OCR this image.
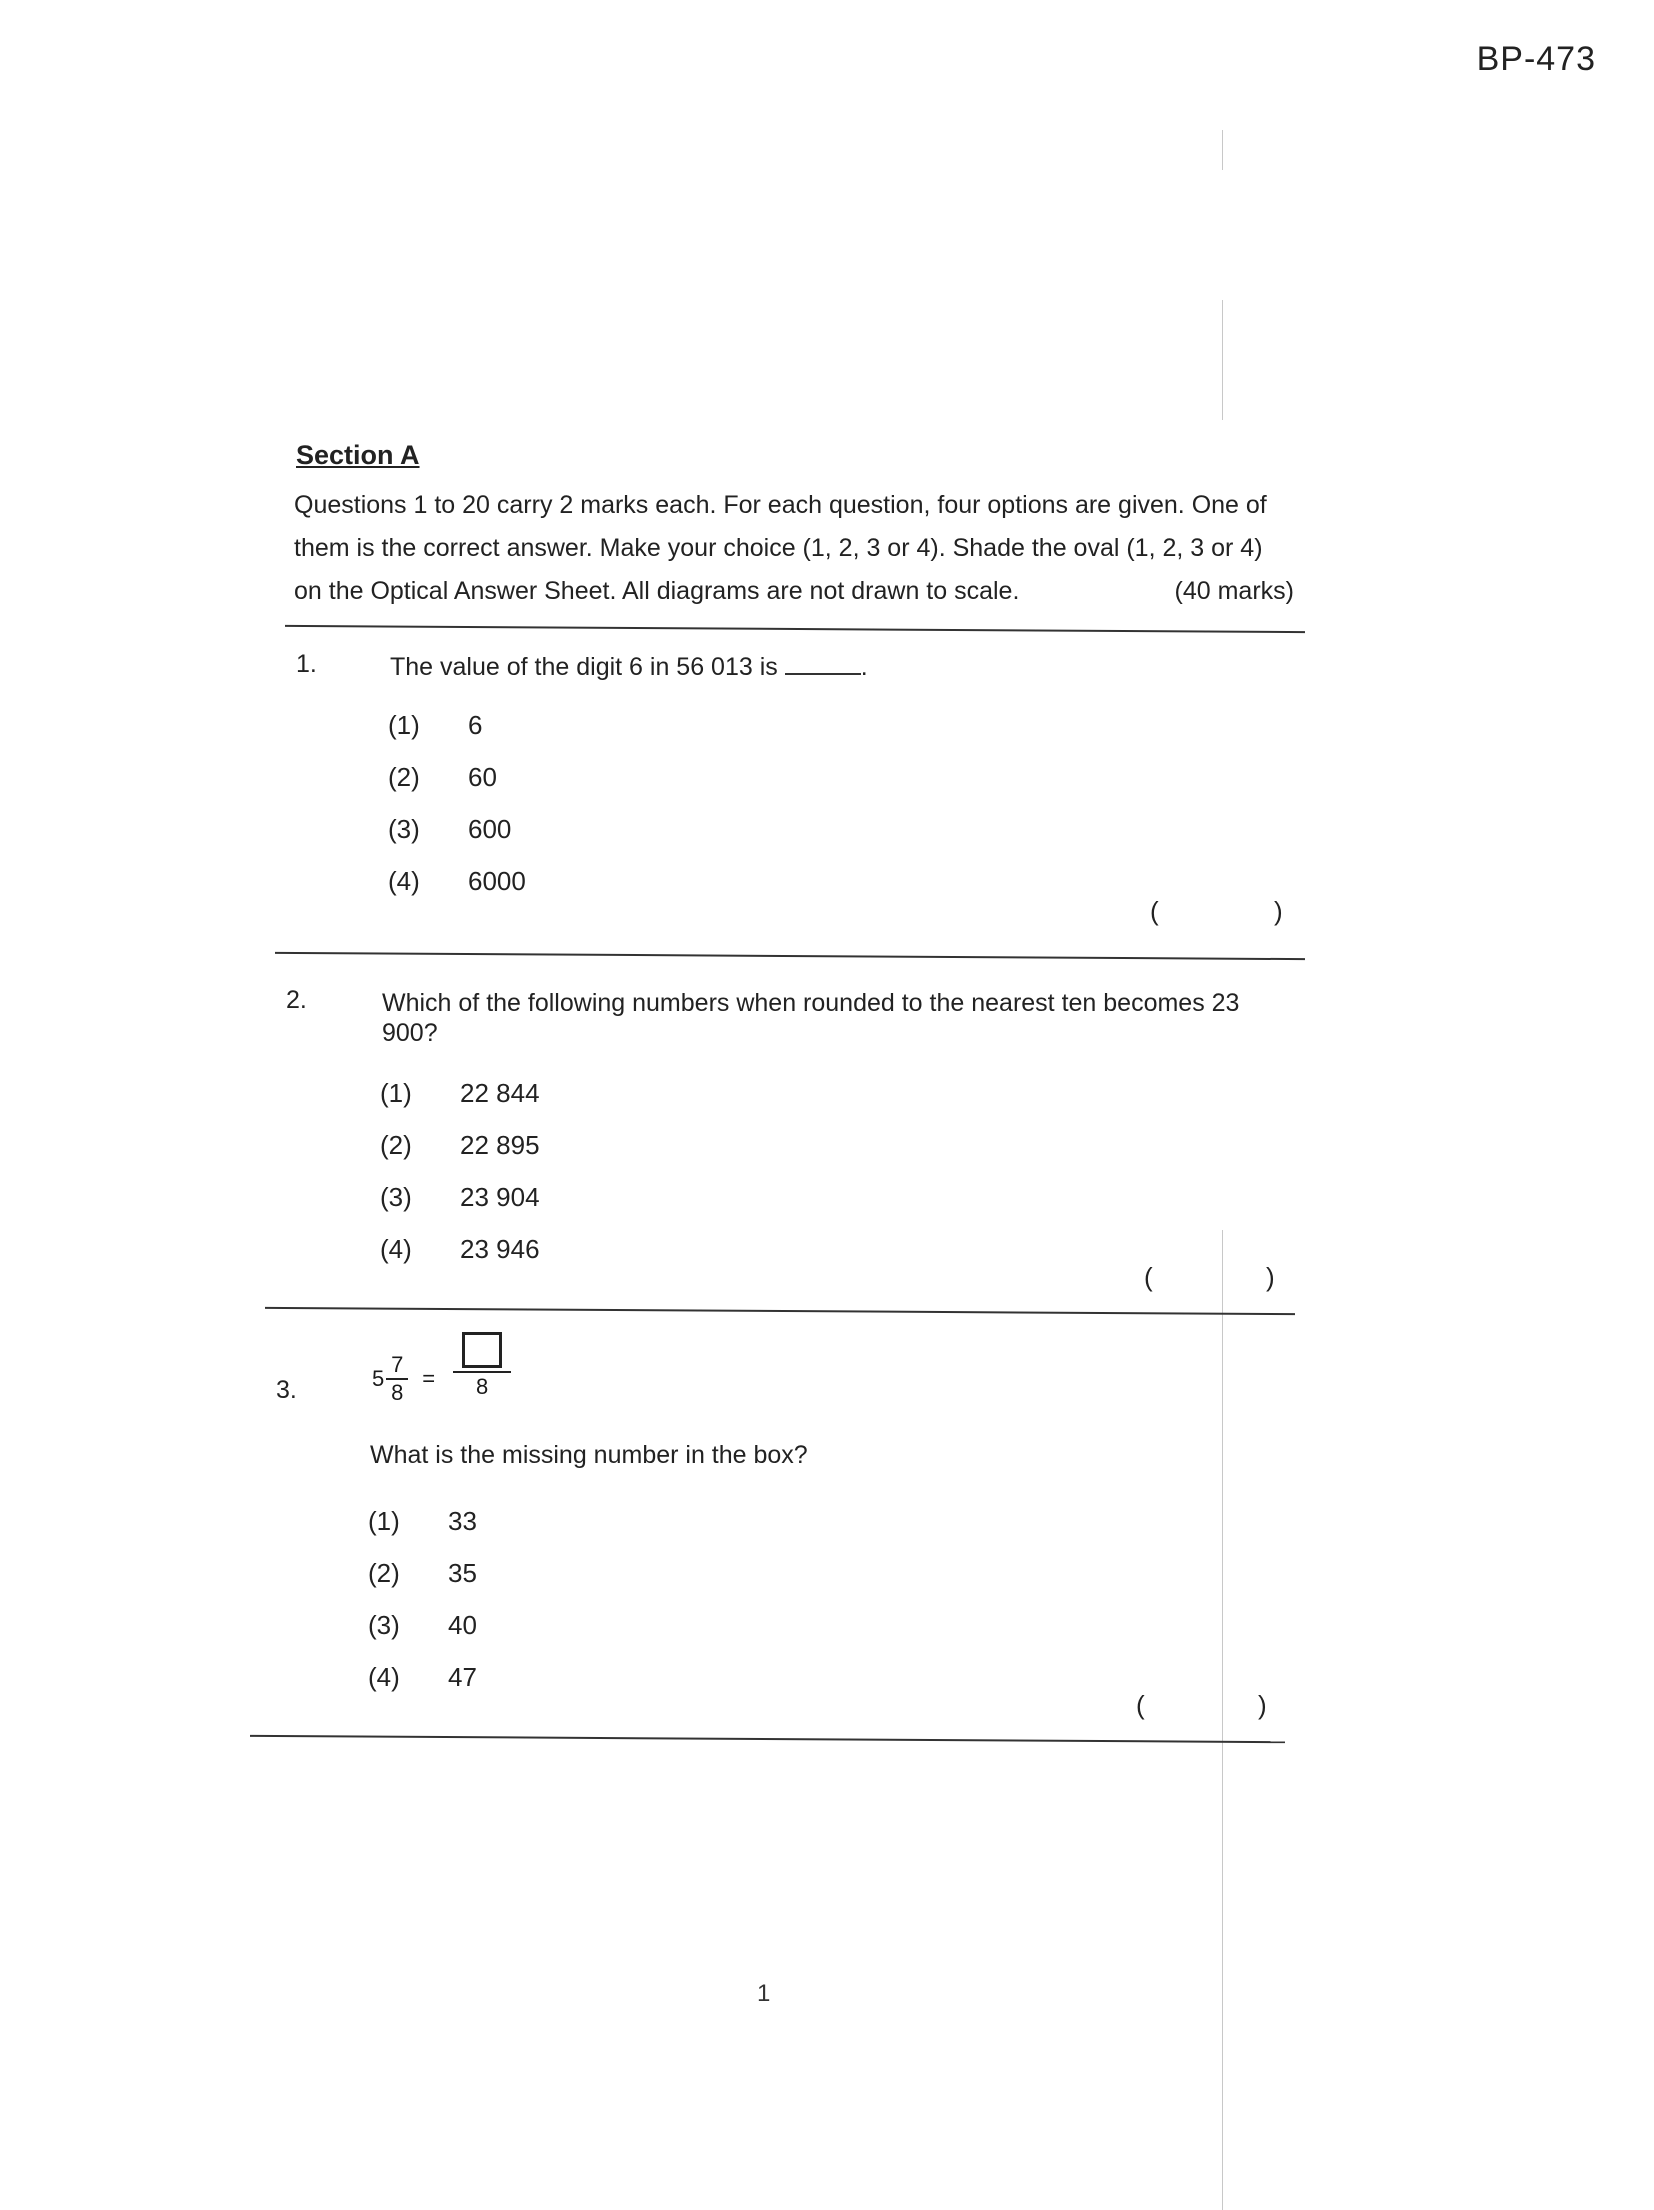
BP-473
Section A
Questions 1 to 20 carry 2 marks each. For each question, four options are given. One of them is the correct answer. Make your choice (1, 2, 3 or 4). Shade the oval (1, 2, 3 or 4) on the Optical Answer Sheet. All diagrams are not drawn to scale.	(40 marks)
1.	The value of the digit 6 in 56 013 is	.
(1)	6
(2)	60
(3)	600
(4)	6000
(	)
2.	Which of the following numbers when rounded to the nearest ten becomes 23 900?
(1)	22 844
(2)	22 895
(3)	23 904
(4)	23 946
(	)
3.	$5 \frac{7}{8} = 8$
What is the missing number in the box?
(1)	33
(2)	35
(3)	40
(4)	47
(	)
1
